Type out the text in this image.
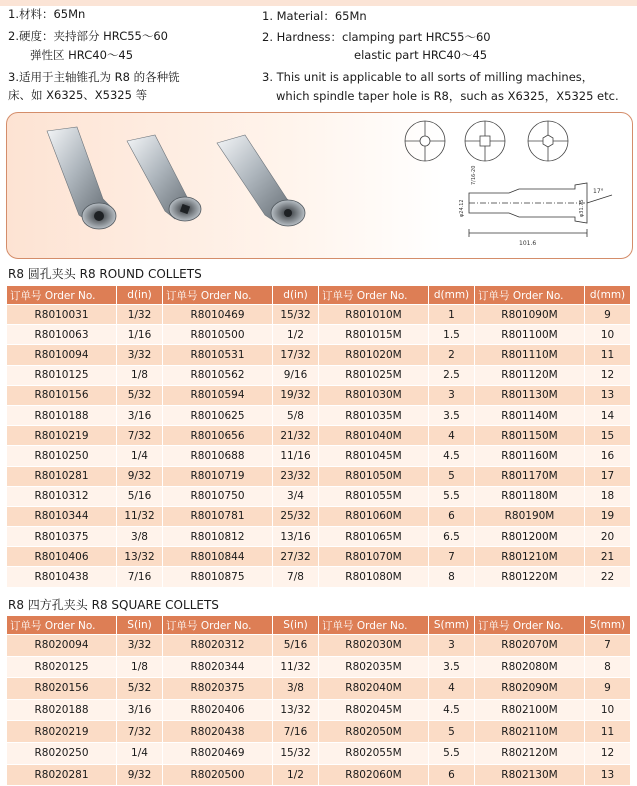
1.材料：65Mn
2.硬度：夹持部分 HRC55～60
弹性区 HRC40～45
3.适用于主轴锥孔为 R8 的各种铣
床、如 X6325、X5325 等
1. Material：65Mn
2. Hardness：clamping part HRC55～60
elastic part HRC40～45
3. This unit is applicable to all sorts of milling machines，
which spindle taper hole is R8，such as X6325，X5325 etc.
101.6
17°
φ24.12
7/16-20
φ31.75
R8 圆孔夹头 R8 ROUND COLLETS
订单号 Order No.	d(in)	订单号 Order No.	d(in)	订单号 Order No.	d(mm)	订单号 Order No.	d(mm)
R8010031	1/32	R8010469	15/32	R801010M	1	R801090M	9
R8010063	1/16	R8010500	1/2	R801015M	1.5	R801100M	10
R8010094	3/32	R8010531	17/32	R801020M	2	R801110M	11
R8010125	1/8	R8010562	9/16	R801025M	2.5	R801120M	12
R8010156	5/32	R8010594	19/32	R801030M	3	R801130M	13
R8010188	3/16	R8010625	5/8	R801035M	3.5	R801140M	14
R8010219	7/32	R8010656	21/32	R801040M	4	R801150M	15
R8010250	1/4	R8010688	11/16	R801045M	4.5	R801160M	16
R8010281	9/32	R8010719	23/32	R801050M	5	R801170M	17
R8010312	5/16	R8010750	3/4	R801055M	5.5	R801180M	18
R8010344	11/32	R8010781	25/32	R801060M	6	R80190M	19
R8010375	3/8	R8010812	13/16	R801065M	6.5	R801200M	20
R8010406	13/32	R8010844	27/32	R801070M	7	R801210M	21
R8010438	7/16	R8010875	7/8	R801080M	8	R801220M	22
R8 四方孔夹头 R8 SQUARE COLLETS
订单号 Order No.	S(in)	订单号 Order No.	S(in)	订单号 Order No.	S(mm)	订单号 Order No.	S(mm)
R8020094	3/32	R8020312	5/16	R802030M	3	R802070M	7
R8020125	1/8	R8020344	11/32	R802035M	3.5	R802080M	8
R8020156	5/32	R8020375	3/8	R802040M	4	R802090M	9
R8020188	3/16	R8020406	13/32	R802045M	4.5	R802100M	10
R8020219	7/32	R8020438	7/16	R802050M	5	R802110M	11
R8020250	1/4	R8020469	15/32	R802055M	5.5	R802120M	12
R8020281	9/32	R8020500	1/2	R802060M	6	R802130M	13
